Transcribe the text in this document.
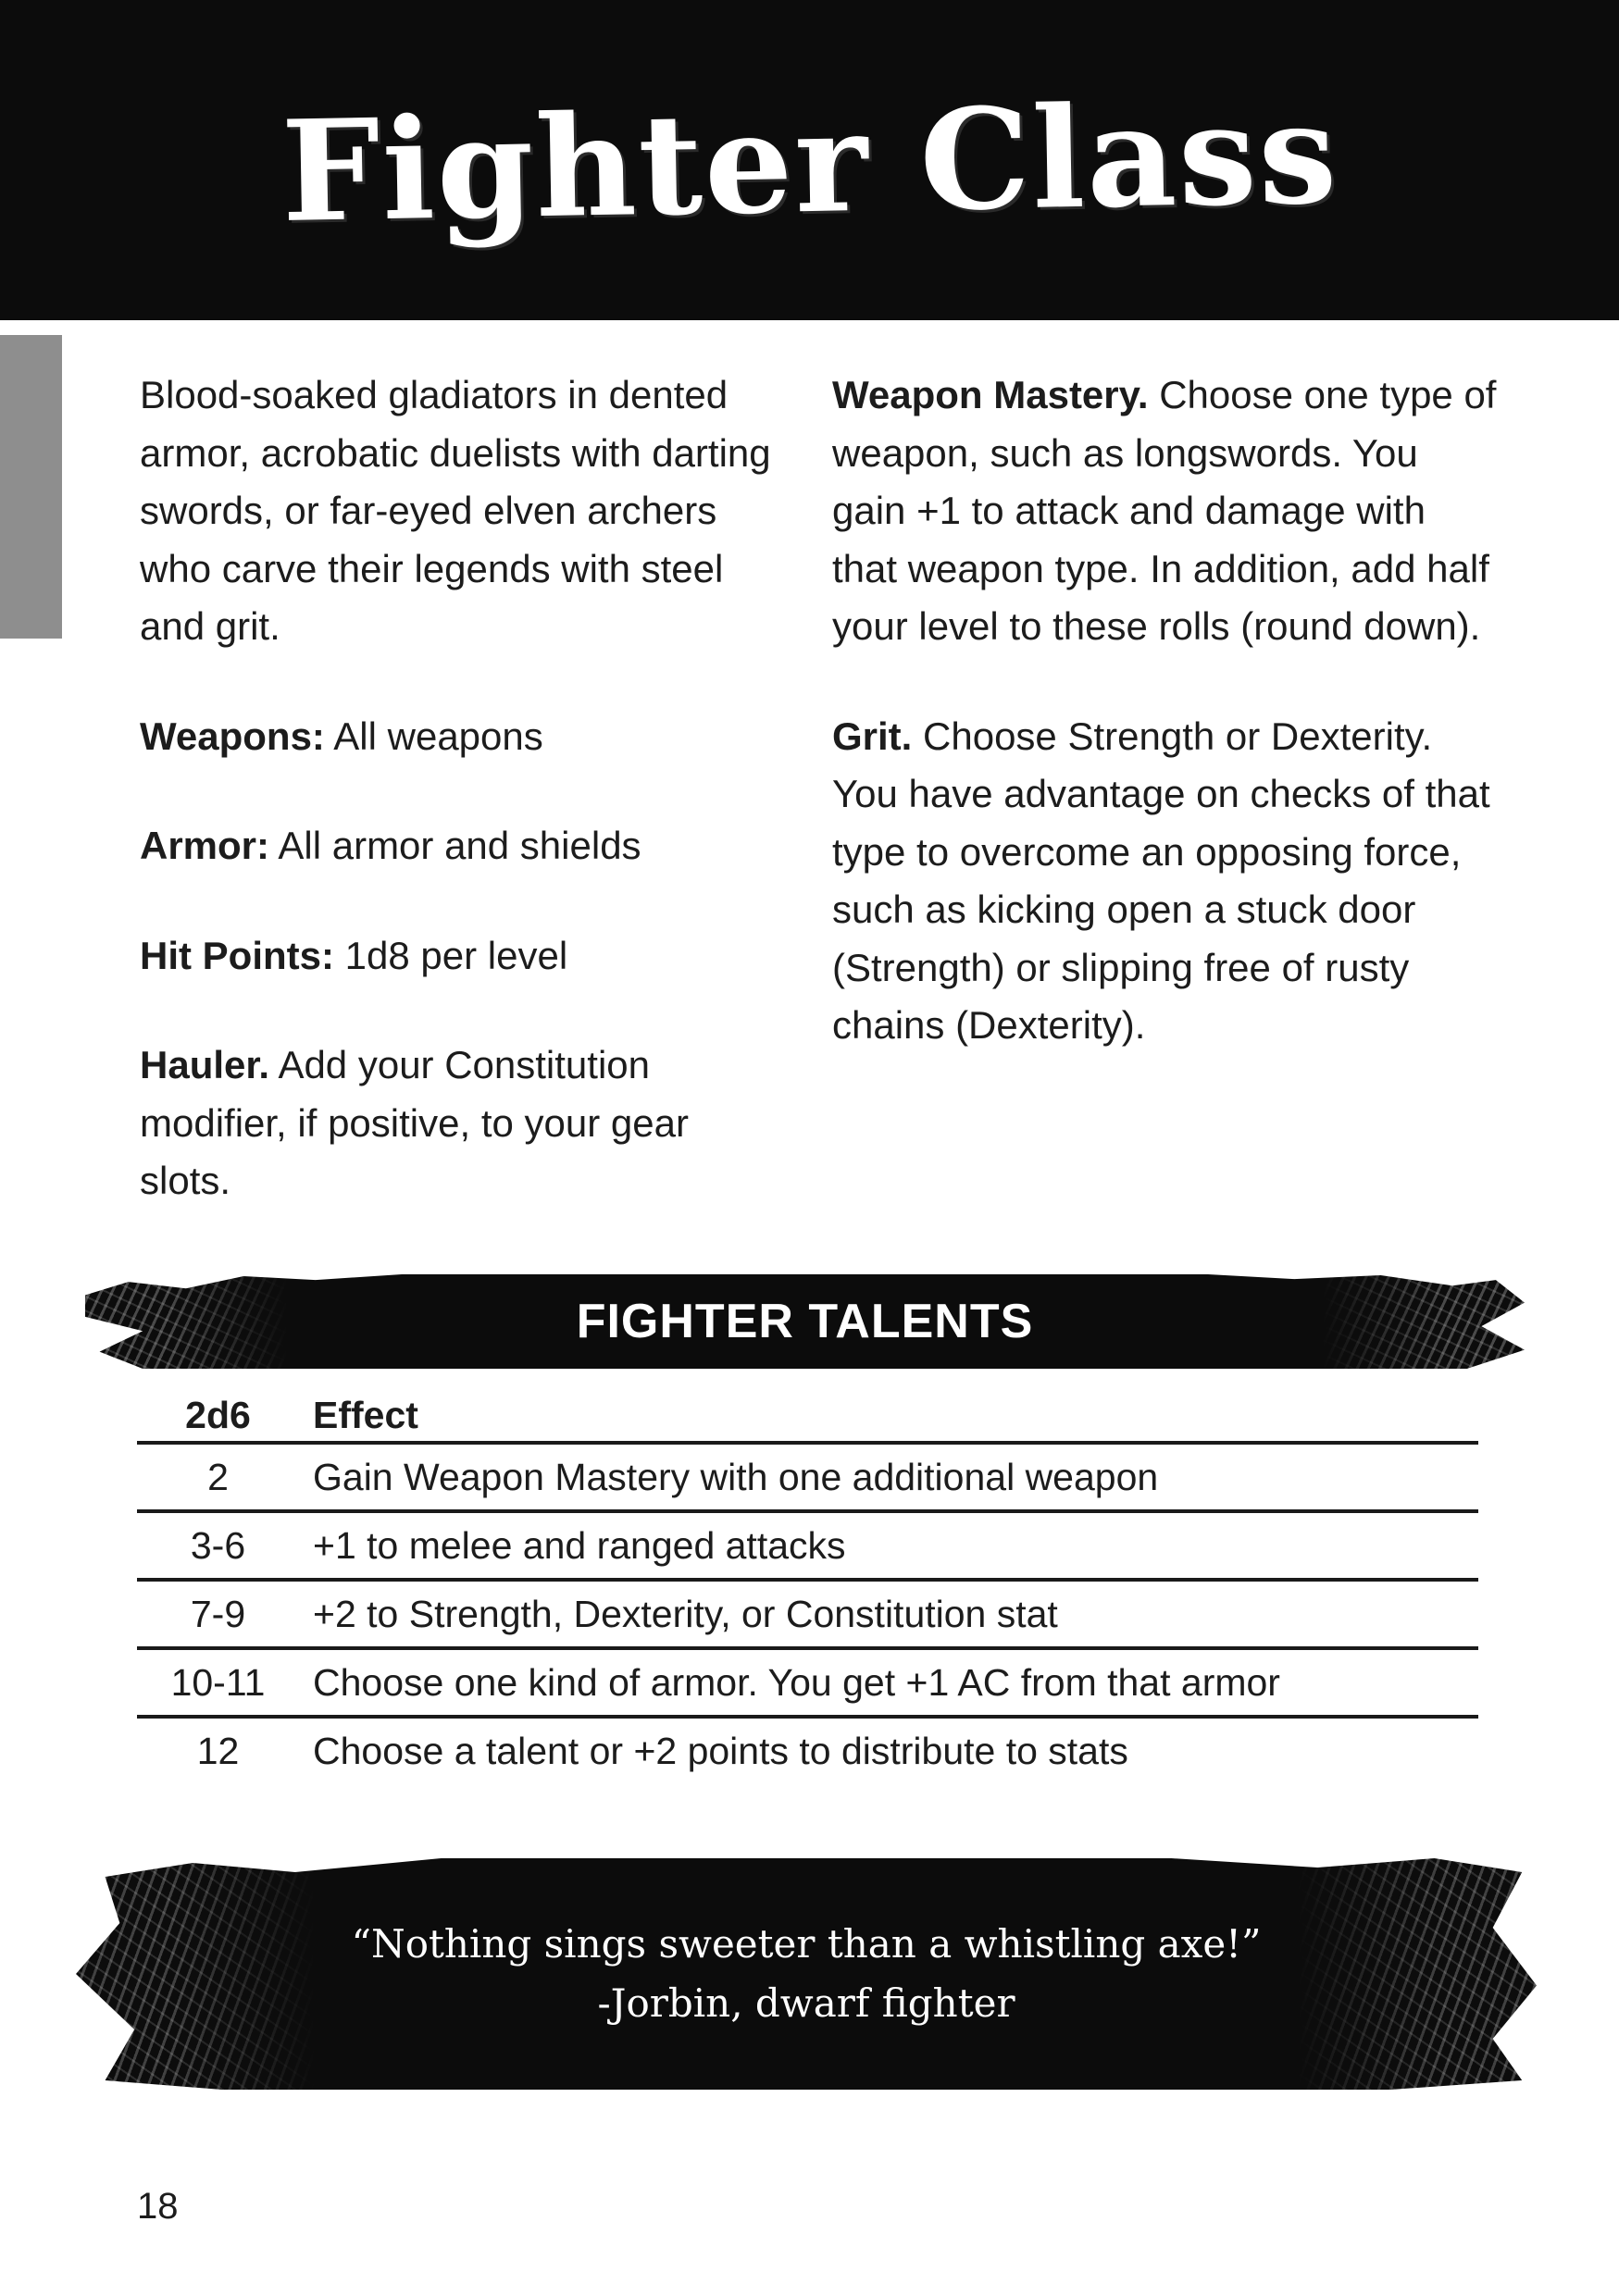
Fighter Class

Blood-soaked gladiators in dented armor, acrobatic duelists with darting swords, or far-eyed elven archers who carve their legends with steel and grit.

Weapons: All weapons

Armor: All armor and shields

Hit Points: 1d8 per level

Hauler. Add your Constitution modifier, if positive, to your gear slots.

Weapon Mastery. Choose one type of weapon, such as longswords. You gain +1 to attack and damage with that weapon type. In addition, add half your level to these rolls (round down).

Grit. Choose Strength or Dexterity. You have advantage on checks of that type to overcome an opposing force, such as kicking open a stuck door (Strength) or slipping free of rusty chains (Dexterity).

FIGHTER TALENTS
2d6	Effect
2	Gain Weapon Mastery with one additional weapon
3-6	+1 to melee and ranged attacks
7-9	+2 to Strength, Dexterity, or Constitution stat
10-11	Choose one kind of armor. You get +1 AC from that armor
12	Choose a talent or +2 points to distribute to stats
“Nothing sings sweeter than a whistling axe!”
-Jorbin, dwarf fighter
18
